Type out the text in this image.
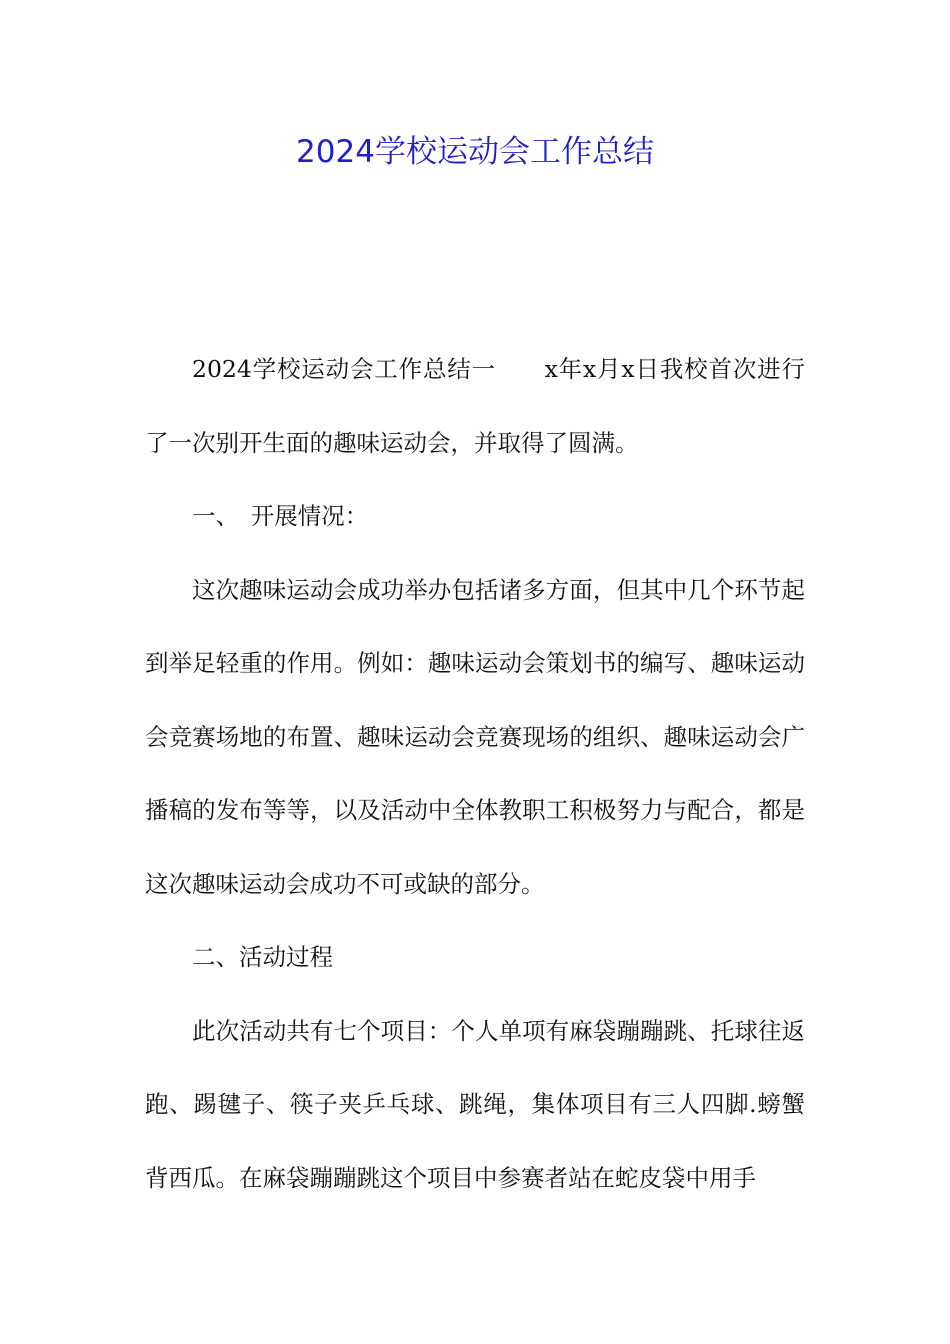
2024学校运动会工作总结

2024学校运动会工作总结一　　x年x月x日我校首次进行了一次别开生面的趣味运动会，并取得了圆满。

一、　开展情况：

这次趣味运动会成功举办包括诸多方面，但其中几个环节起到举足轻重的作用。例如：趣味运动会策划书的编写、趣味运动会竞赛场地的布置、趣味运动会竞赛现场的组织、趣味运动会广播稿的发布等等，以及活动中全体教职工积极努力与配合，都是这次趣味运动会成功不可或缺的部分。

二、活动过程

此次活动共有七个项目：个人单项有麻袋蹦蹦跳、托球往返跑、踢毽子、筷子夹乒乓球、跳绳，集体项目有三人四脚.螃蟹背西瓜。在麻袋蹦蹦跳这个项目中参赛者站在蛇皮袋中用手
